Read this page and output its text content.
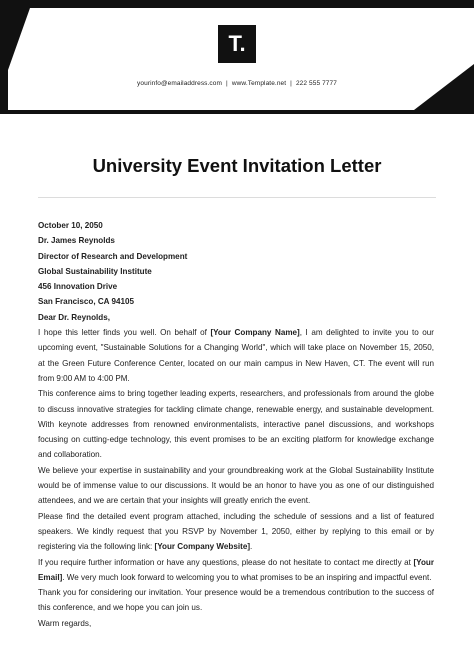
T.
yourinfo@emailaddress.com | www.Template.net | 222 555 7777
University Event Invitation Letter
October 10, 2050
Dr. James Reynolds
Director of Research and Development
Global Sustainability Institute
456 Innovation Drive
San Francisco, CA 94105
Dear Dr. Reynolds,

I hope this letter finds you well. On behalf of [Your Company Name], I am delighted to invite you to our upcoming event, "Sustainable Solutions for a Changing World", which will take place on November 15, 2050, at the Green Future Conference Center, located on our main campus in New Haven, CT. The event will run from 9:00 AM to 4:00 PM.

This conference aims to bring together leading experts, researchers, and professionals from around the globe to discuss innovative strategies for tackling climate change, renewable energy, and sustainable development. With keynote addresses from renowned environmentalists, interactive panel discussions, and workshops focusing on cutting-edge technology, this event promises to be an exciting platform for knowledge exchange and collaboration.

We believe your expertise in sustainability and your groundbreaking work at the Global Sustainability Institute would be of immense value to our discussions. It would be an honor to have you as one of our distinguished attendees, and we are certain that your insights will greatly enrich the event.

Please find the detailed event program attached, including the schedule of sessions and a list of featured speakers. We kindly request that you RSVP by November 1, 2050, either by replying to this email or by registering via the following link: [Your Company Website].

If you require further information or have any questions, please do not hesitate to contact me directly at [Your Email]. We very much look forward to welcoming you to what promises to be an inspiring and impactful event.

Thank you for considering our invitation. Your presence would be a tremendous contribution to the success of this conference, and we hope you can join us.

Warm regards,
